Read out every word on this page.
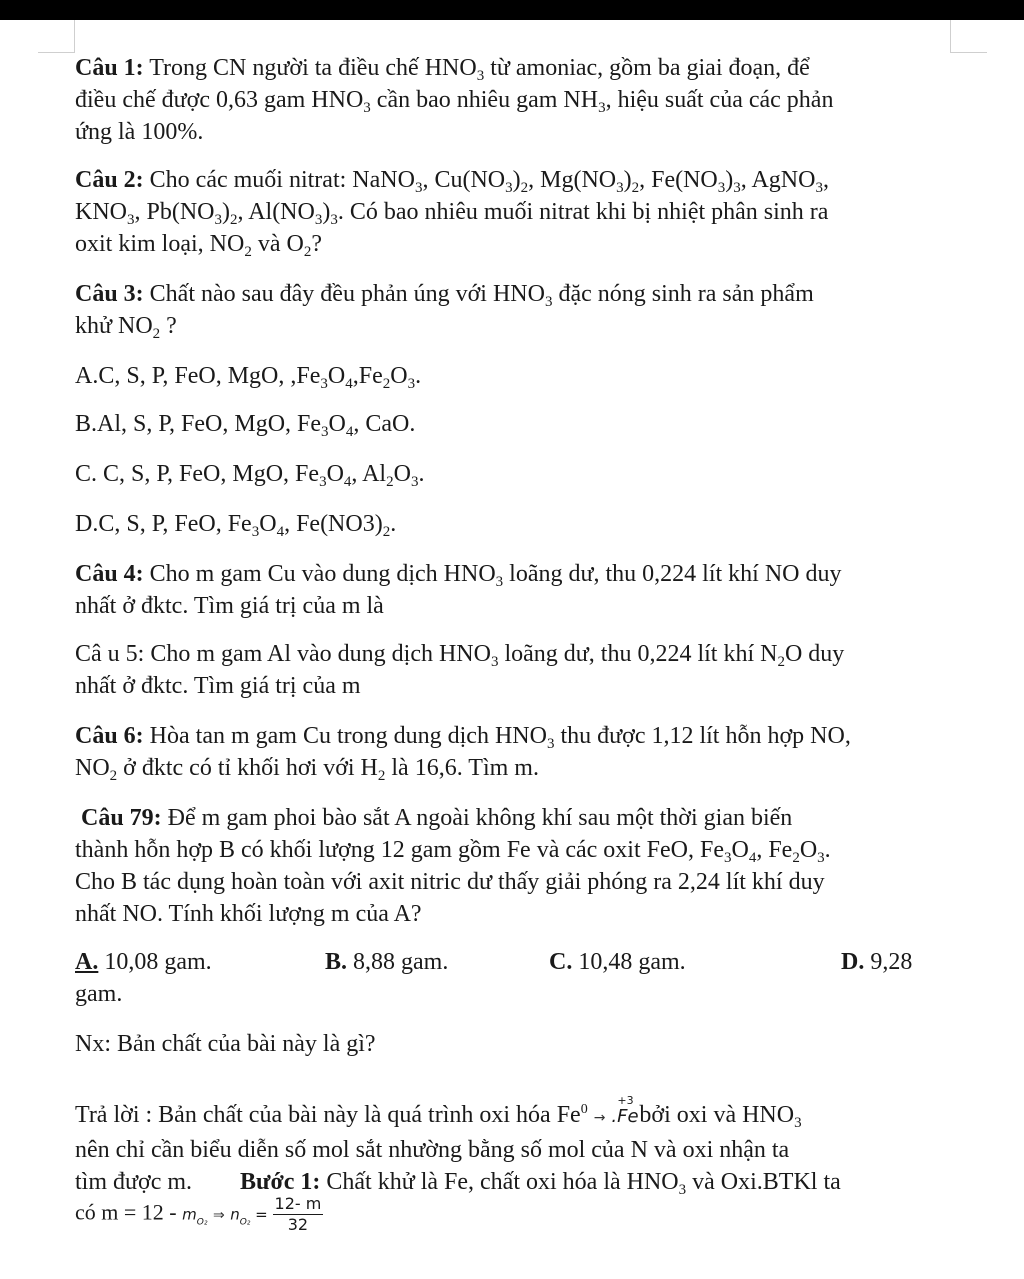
Câu 1: Trong CN người ta điều chế $HNO_3$ từ amoniac, gồm ba giai đoạn, để

điều chế được 0,63 gam $HNO_3$ cần bao nhiêu gam $NH_3$, hiệu suất của các phản

ứng là 100%.

Câu 2: Cho các muối nitrat: NaNO$_3$, $Cu(NO_3)_2$, $Mg(NO_3)_2$, $Fe(NO_3)_3$, AgNO$_3$,

$KNO_3$, $Pb(NO_3)_2$, $Al(NO_3)_3$. Có bao nhiêu muối nitrat khi bị nhiệt phân sinh ra

oxit kim loại, $NO_2$ và $O_2$?

Câu 3: Chất nào sau đây đều phản úng với $HNO_3$ đặc nóng sinh ra sản phẩm

khử $NO_2$ ?

A.C, S, P, FeO, MgO, $,Fe_3O_4,Fe_2O_3$.

B.Al, S, P, FeO, MgO, $Fe_3O_4$, CaO.

C. C, S, P, FeO, MgO, $Fe_3O_4$, $Al_2O_3$.

D.C, S, P, FeO, $Fe_3O_4$, $Fe(NO3)_2$.

Câu 4: Cho m gam Cu vào dung dịch $HNO_3$ loãng dư, thu 0,224 lít khí NO duy

nhất ở đktc. Tìm giá trị của m là

Câ u 5: Cho m gam Al vào dung dịch $HNO_3$ loãng dư, thu 0,224 lít khí $N_2O$ duy

nhất ở đktc. Tìm giá trị của m

Câu 6: Hòa tan m gam Cu trong dung dịch $HNO_3$ thu được 1,12 lít hỗn hợp NO,

$NO_2$ ở đktc có tỉ khối hơi với $H_2$ là 16,6. Tìm m.

Câu 79: Để m gam phoi bào sắt A ngoài không khí sau một thời gian biến

thành hỗn hợp B có khối lượng 12 gam gồm Fe và các oxit FeO, $Fe_3O_4$, $Fe_2O_3$.

Cho B tác dụng hoàn toàn với axit nitric dư thấy giải phóng ra 2,24 lít khí duy

nhất NO. Tính khối lượng m của A?

A. 10,08 gam.	B. 8,88 gam.	C. 10,48 gam.	D. 9,28
gam.

Nx: Bản chất của bài này là gì?

Trả lời : Bản chất của bài này là quá trình oxi hóa $Fe^0$ →
+3
.Fe bởi oxi và $HNO_3$

nên chỉ cần biểu diễn số mol sắt nhường bằng số mol của N và oxi nhận ta

tìm được m. Bước 1: Chất khử là Fe, chất oxi hóa là $HNO_3$ và Oxi.BTKl ta

có $m = 12 - m_{O_2}$ ⇒ $n_{O_2} = \frac{12- m}{32}$
